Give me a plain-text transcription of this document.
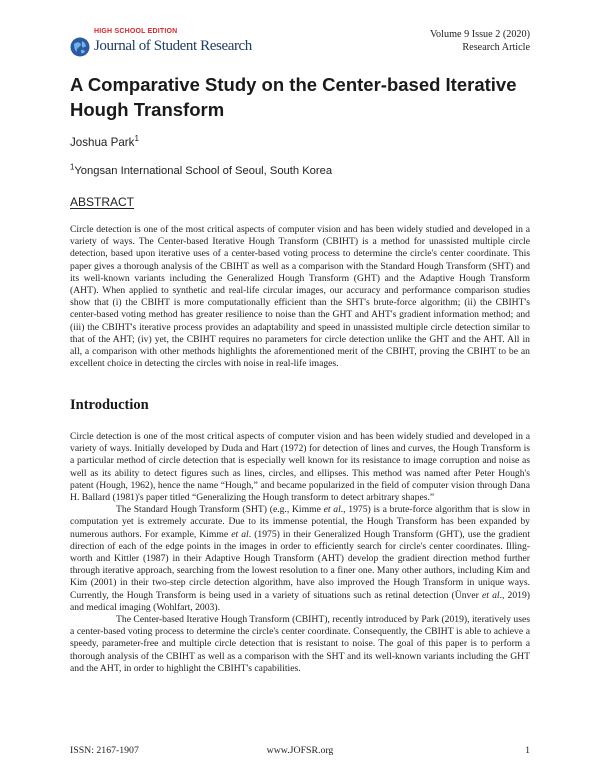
HIGH SCHOOL EDITION
Journal of Student Research
Volume 9 Issue 2 (2020)
Research Article
A Comparative Study on the Center-based Iterative Hough Transform
Joshua Park$^1$
$^1$Yongsan International School of Seoul, South Korea
ABSTRACT

Circle detection is one of the most critical aspects of computer vision and has been widely studied and developed in a variety of ways. The Center-based Iterative Hough Transform (CBIHT) is a method for unassisted multiple circle detection, based upon iterative uses of a center-based voting process to determine the circle's center coordinate. This paper gives a thorough analysis of the CBIHT as well as a comparison with the Standard Hough Transform (SHT) and its well-known variants including the Generalized Hough Transform (GHT) and the Adaptive Hough Transform (AHT). When applied to synthetic and real-life circular images, our accuracy and performance comparison studies show that (i) the CBIHT is more computationally efficient than the SHT's brute-force algorithm; (ii) the CBIHT's center-based voting method has greater resilience to noise than the GHT and AHT's gradient information method; and (iii) the CBIHT's iterative process provides an adaptability and speed in unassisted multiple circle detection similar to that of the AHT; (iv) yet, the CBIHT requires no parameters for circle detection unlike the GHT and the AHT. All in all, a comparison with other methods highlights the aforementioned merit of the CBIHT, proving the CBIHT to be an excellent choice in detecting the circles with noise in real-life images.

Introduction

Circle detection is one of the most critical aspects of computer vision and has been widely studied and developed in a variety of ways. Initially developed by Duda and Hart (1972) for detection of lines and curves, the Hough Transform is a particular method of circle detection that is especially well known for its resistance to image corruption and noise as well as its ability to detect figures such as lines, circles, and ellipses. This method was named after Peter Hough's patent (Hough, 1962), hence the name “Hough,” and became popularized in the field of computer vision through Dana H. Ballard (1981)'s paper titled “Generalizing the Hough transform to detect arbitrary shapes.”

The Standard Hough Transform (SHT) (e.g., Kimme et al., 1975) is a brute-force algorithm that is slow in computation yet is extremely accurate. Due to its immense potential, the Hough Transform has been expanded by numerous authors. For example, Kimme et al. (1975) in their Generalized Hough Transform (GHT), use the gradient direction of each of the edge points in the images in order to efficiently search for circle's center coordinates. Illing-worth and Kittler (1987) in their Adaptive Hough Transform (AHT) develop the gradient direction method further through iterative approach, searching from the lowest resolution to a finer one. Many other authors, including Kim and Kim (2001) in their two-step circle detection algorithm, have also improved the Hough Transform in unique ways. Currently, the Hough Transform is being used in a variety of situations such as retinal detection (Ünver et al., 2019) and medical imaging (Wohlfart, 2003).

The Center-based Iterative Hough Transform (CBIHT), recently introduced by Park (2019), iteratively uses a center-based voting process to determine the circle's center coordinate. Consequently, the CBIHT is able to achieve a speedy, parameter-free and multiple circle detection that is resistant to noise. The goal of this paper is to perform a thorough analysis of the CBIHT as well as a comparison with the SHT and its well-known variants including the GHT and the AHT, in order to highlight the CBIHT's capabilities.

ISSN: 2167-1907	www.JOFSR.org	1
